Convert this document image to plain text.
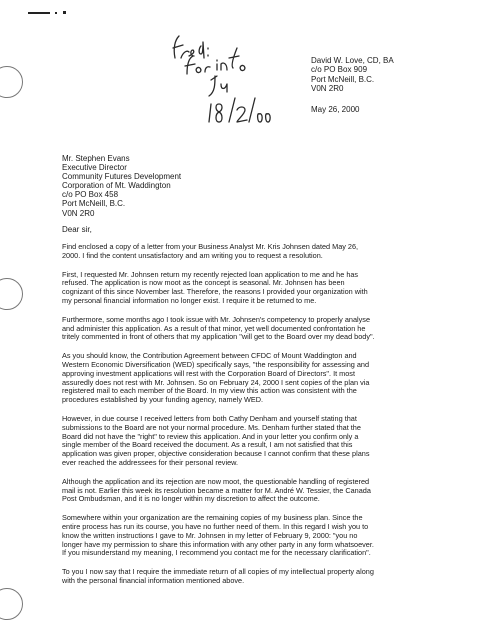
David W. Love, CD, BA
c/o PO Box 909
Port McNeill, B.C.
V0N 2R0
May 26, 2000
Mr. Stephen Evans
Executive Director
Community Futures Development
Corporation of Mt. Waddington
c/o PO Box 458
Port McNeill, B.C.
V0N 2R0
Dear sir,

Find enclosed a copy of a letter from your Business Analyst Mr. Kris Johnsen dated May 26,
2000. I find the content unsatisfactory and am writing you to request a resolution.

First, I requested Mr. Johnsen return my recently rejected loan application to me and he has
refused. The application is now moot as the concept is seasonal. Mr. Johnsen has been
cognizant of this since November last. Therefore, the reasons I provided your organization with
my personal financial information no longer exist. I require it be returned to me.

Furthermore, some months ago I took issue with Mr. Johnsen's competency to properly analyse
and administer this application. As a result of that minor, yet well documented confrontation he
tritely commented in front of others that my application "will get to the Board over my dead body".

As you should know, the Contribution Agreement between CFDC of Mount Waddington and
Western Economic Diversification (WED) specifically says, "the responsibility for assessing and
approving investment applications will rest with the Corporation Board of Directors". It most
assuredly does not rest with Mr. Johnsen. So on February 24, 2000 I sent copies of the plan via
registered mail to each member of the Board. In my view this action was consistent with the
procedures established by your funding agency, namely WED.

However, in due course I received letters from both Cathy Denham and yourself stating that
submissions to the Board are not your normal procedure. Ms. Denham further stated that the
Board did not have the "right" to review this application. And in your letter you confirm only a
single member of the Board received the document. As a result, I am not satisfied that this
application was given proper, objective consideration because I cannot confirm that these plans
ever reached the addressees for their personal review.

Although the application and its rejection are now moot, the questionable handling of registered
mail is not. Earlier this week its resolution became a matter for M. André W. Tessier, the Canada
Post Ombudsman, and it is no longer within my discretion to affect the outcome.

Somewhere within your organization are the remaining copies of my business plan. Since the
entire process has run its course, you have no further need of them. In this regard I wish you to
know the written instructions I gave to Mr. Johnsen in my letter of February 9, 2000: "you no
longer have my permission to share this information with any other party in any form whatsoever.
If you misunderstand my meaning, I recommend you contact me for the necessary clarification".

To you I now say that I require the immediate return of all copies of my intellectual property along
with the personal financial information mentioned above.
